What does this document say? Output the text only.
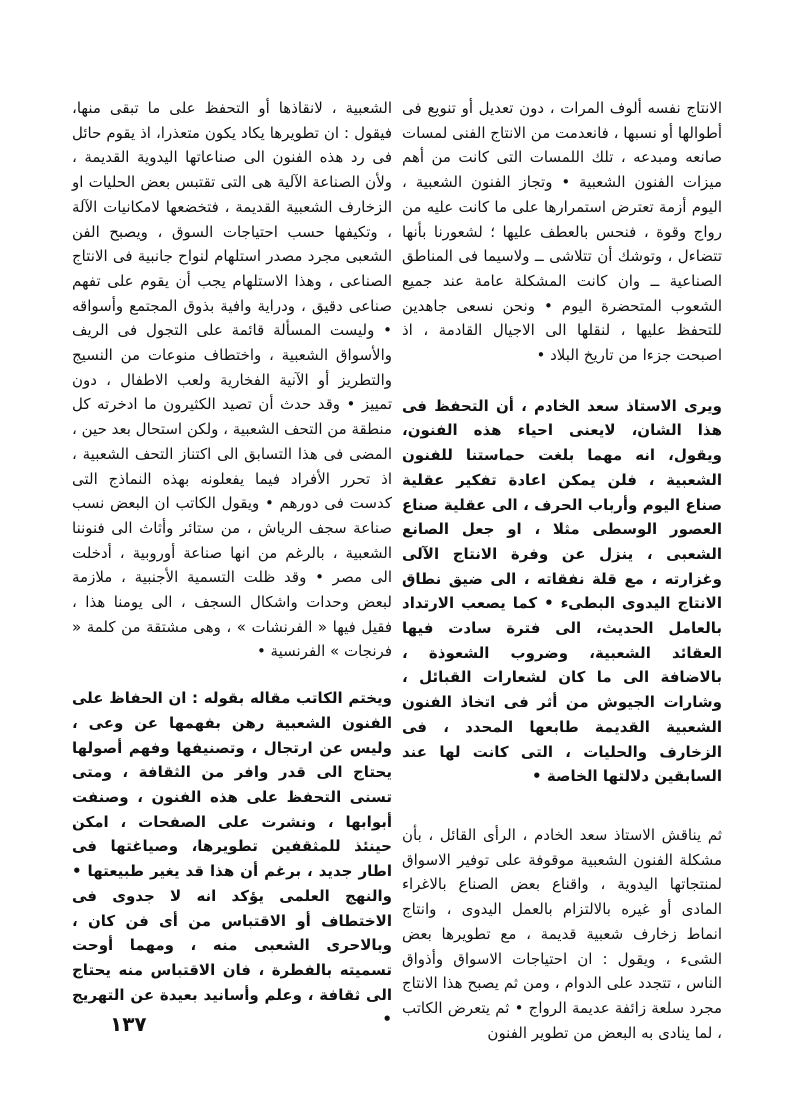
الانتاج نفسه ألوف المرات ، دون تعديل أو تنويع فى أطوالها أو نسبها ، فانعدمت من الانتاج الفنى لمسات صانعه ومبدعه ، تلك اللمسات التى كانت من أهم ميزات الفنون الشعبية • وتجاز الفنون الشعبية ، اليوم أزمة تعترض استمرارها على ما كانت عليه من رواج وقوة ، فنحس بالعطف عليها ؛ لشعورنا بأنها تتضاءل ، وتوشك أن تتلاشى ــ ولاسيما فى المناطق الصناعية ــ وان كانت المشكلة عامة عند جميع الشعوب المتحضرة اليوم • ونحن نسعى جاهدين للتحفظ عليها ، لنقلها الى الاجيال القادمة ، اذ اصبحت جزءا من تاريخ البلاد •

ويرى الاستاذ سعد الخادم ، أن التحفظ فى هذا الشان، لايعنى احياء هذه الفنون، ويقول، انه مهما بلغت حماستنا للفنون الشعبية ، فلن يمكن اعادة تفكير عقلية صناع اليوم وأرباب الحرف ، الى عقلية صناع العصور الوسطى مثلا ، او جعل الصانع الشعبى ، ينزل عن وفرة الانتاج الآلى وغزارته ، مع قلة نفقاته ، الى ضيق نطاق الانتاج اليدوى البطىء • كما يصعب الارتداد بالعامل الحديث، الى فترة سادت فيها العقائد الشعبية، وضروب الشعوذة ، بالاضافة الى ما كان لشعارات القبائل ، وشارات الجيوش من أثر فى اتخاذ الفنون الشعبية القديمة طابعها المحدد ، فى الزخارف والحليات ، التى كانت لها عند السابقين دلالتها الخاصة •

ثم يناقش الاستاذ سعد الخادم ، الرأى القائل ، بأن مشكلة الفنون الشعبية موقوفة على توفير الاسواق لمنتجاتها اليدوية ، واقناع بعض الصناع بالاغراء المادى أو غيره بالالتزام بالعمل اليدوى ، وانتاج انماط زخارف شعبية قديمة ، مع تطويرها بعض الشىء ، ويقول : ان احتياجات الاسواق وأذواق الناس ، تتجدد على الدوام ، ومن ثم يصبح هذا الانتاج مجرد سلعة زائفة عديمة الرواج • ثم يتعرض الكاتب ، لما ينادى به البعض من تطوير الفنون

الشعبية ، لانقاذها أو التحفظ على ما تبقى منها، فيقول : ان تطويرها يكاد يكون متعذرا، اذ يقوم حائل فى رد هذه الفنون الى صناعاتها اليدوية القديمة ، ولأن الصناعة الآلية هى التى تقتبس بعض الحليات او الزخارف الشعبية القديمة ، فتخضعها لامكانيات الآلة ، وتكيفها حسب احتياجات السوق ، ويصبح الفن الشعبى مجرد مصدر استلهام لنواح جانبية فى الانتاج الصناعى ، وهذا الاستلهام يجب أن يقوم على تفهم صناعى دقيق ، ودراية وافية بذوق المجتمع وأسواقه • وليست المسألة قائمة على التجول فى الريف والأسواق الشعبية ، واختطاف منوعات من النسيج والتطريز أو الآنية الفخارية ولعب الاطفال ، دون تمييز • وقد حدث أن تصيد الكثيرون ما ادخرته كل منطقة من التحف الشعبية ، ولكن استحال بعد حين ، المضى فى هذا التسابق الى اكتناز التحف الشعبية ، اذ تحرر الأفراد فيما يفعلونه بهذه النماذج التى كدست فى دورهم • ويقول الكاتب ان البعض نسب صناعة سجف الرياش ، من ستائر وأثاث الى فنوننا الشعبية ، بالرغم من انها صناعة أوروبية ، أدخلت الى مصر • وقد ظلت التسمية الأجنبية ، ملازمة لبعض وحدات واشكال السجف ، الى يومنا هذا ، فقيل فيها « الفرنشات » ، وهى مشتقة من كلمة « فرنجات » الفرنسية •

ويختم الكاتب مقاله بقوله : ان الحفاظ على الفنون الشعبية رهن بفهمها عن وعى ، وليس عن ارتجال ، وتصنيفها وفهم أصولها يحتاج الى قدر وافر من الثقافة ، ومتى تسنى التحفظ على هذه الفنون ، وصنفت أبوابها ، ونشرت على الصفحات ، امكن حينئذ للمثقفين تطويرها، وصياغتها فى اطار جديد ، برغم أن هذا قد يغير طبيعتها • والنهج العلمى يؤكد انه لا جدوى فى الاختطاف أو الاقتباس من أى فن كان ، وبالاحرى الشعبى منه ، ومهما أوحت تسميته بالفطرة ، فان الاقتباس منه يحتاج الى ثقافة ، وعلم وأسانيد بعيدة عن التهريج •

١٣٧
